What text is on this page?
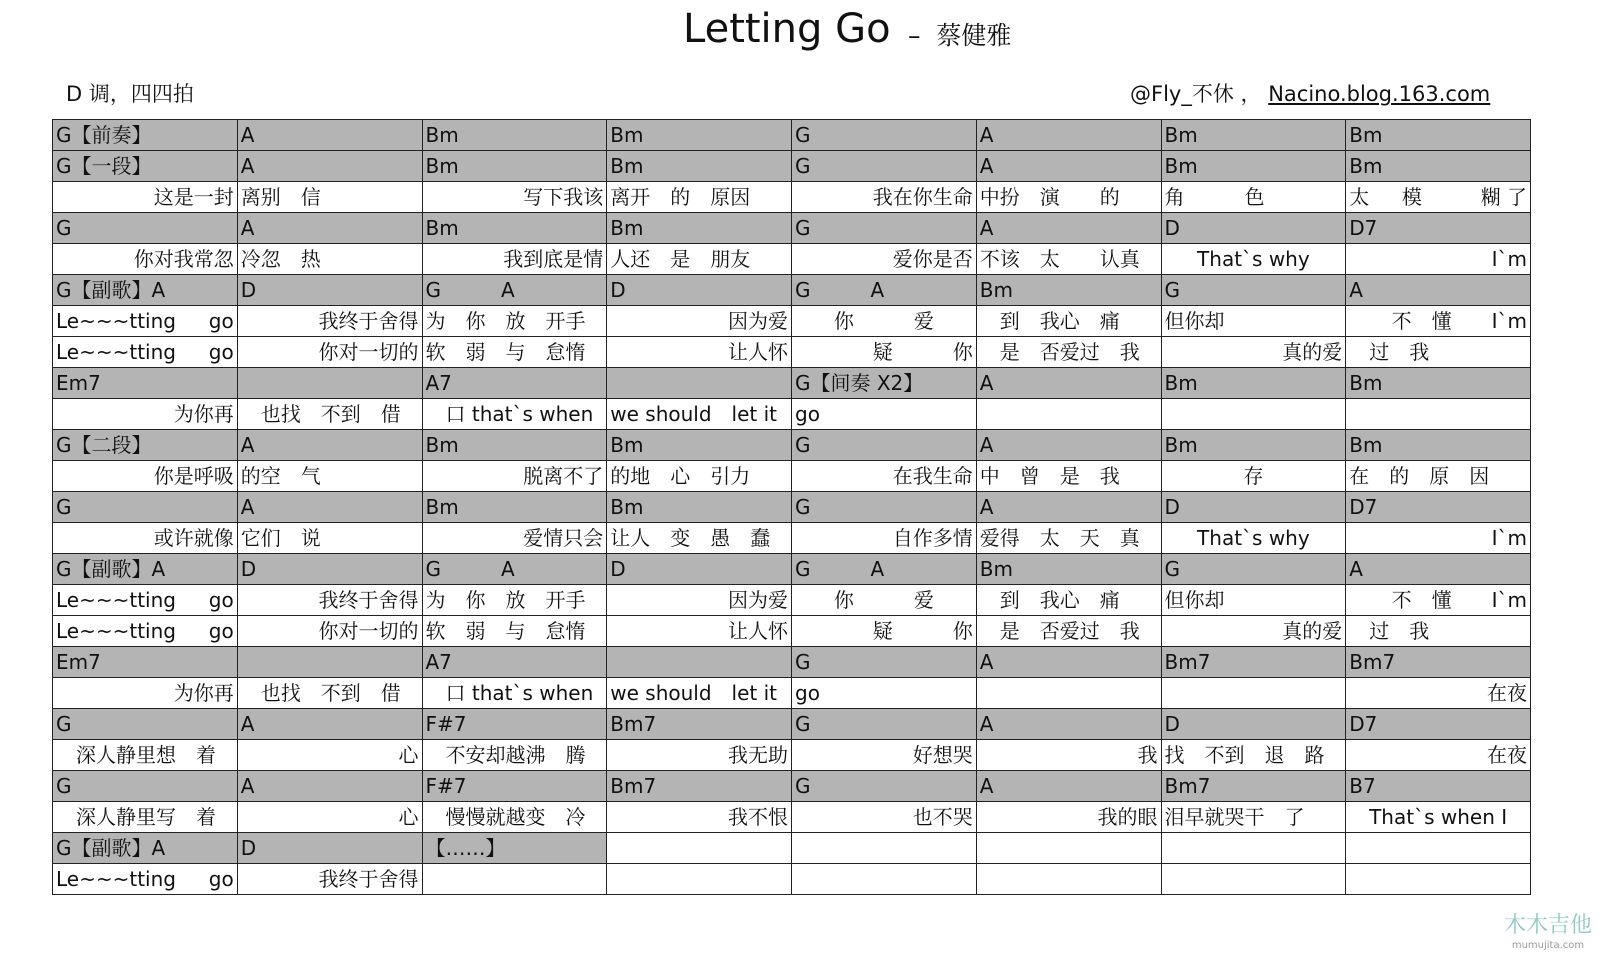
Letting Go –  蔡健雅
D 调，四四拍	@Fly_不休 ， Nacino.blog.163.com
G【前奏】	A	Bm	Bm	G	A	Bm	Bm
G【一段】	A	Bm	Bm	G	A	Bm	Bm
这是一封	离别　信	写下我该	离开　的　原因	我在你生命	中扮　演　　的	角　　　色	太　模　　糊了
G	A	Bm	Bm	G	A	D	D7
你对我常忽	冷忽　热	我到底是情	人还　是　朋友	爱你是否	不该　太　　认真	That`s why	I`m
G【副歌】A	D	G　　　A	D	G　　　A	Bm	G	A
Le~~~tting go	我终于舍得	为　你　放　开手	因为爱	你　　　爱	　到　我心　痛	但你却	　不　懂　　I`m
Le~~~tting go	你对一切的	软　弱　与　怠惰	让人怀	疑　　　你	　是　否爱过　我	真的爱	　过　我
Em7		A7		G【间奏 X2】	A	Bm	Bm
为你再	　也找　不到　借	　口 that`s when	we should　let it	go			
G【二段】	A	Bm	Bm	G	A	Bm	Bm
你是呼吸	的空　气	脱离不了	的地　心　引力	在我生命	中　曾　是　我	存	在　的　原　因
G	A	Bm	Bm	G	A	D	D7
或许就像	它们　说	爱情只会	让人　变　愚　蠢	自作多情	爱得　太　天　真	That`s why	I`m
G【副歌】A	D	G　　　A	D	G　　　A	Bm	G	A
Le~~~tting go	我终于舍得	为　你　放　开手	因为爱	你　　　爱	　到　我心　痛	但你却	　不　懂　　I`m
Le~~~tting go	你对一切的	软　弱　与　怠惰	让人怀	疑　　　你	　是　否爱过　我	真的爱	　过　我
Em7		A7		G	A	Bm7	Bm7
为你再	　也找　不到　借	　口 that`s when	we should　let it	go			在夜
G	A	F#7	Bm7	G	A	D	D7
　深人静里想　着	心	　不安却越沸　腾	我无助	好想哭	我	找　不到　退　路	在夜
G	A	F#7	Bm7	G	A	Bm7	B7
　深人静里写　着	心	　慢慢就越变　冷	我不恨	也不哭	我的眼	泪早就哭干　了	That`s when I
G【副歌】A	D	【……】					
Le~~~tting go	我终于舍得						
木木吉他
mumujita.com
